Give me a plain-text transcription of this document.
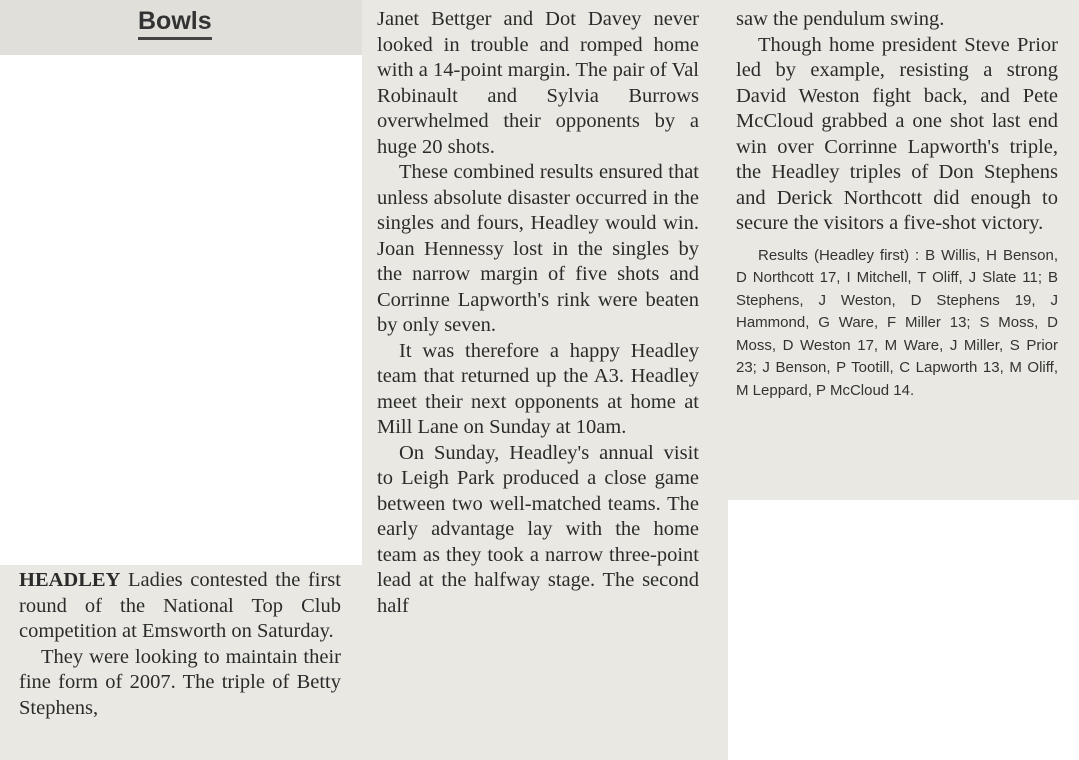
Bowls

HEADLEY Ladies contested the first round of the National Top Club competition at Emsworth on Saturday.

They were looking to maintain their fine form of 2007. The triple of Betty Stephens,

Janet Bettger and Dot Davey never looked in trouble and romped home with a 14-point margin. The pair of Val Robinault and Sylvia Burrows overwhelmed their opponents by a huge 20 shots.

These combined results ensured that unless absolute disaster occurred in the singles and fours, Headley would win. Joan Hennessy lost in the singles by the narrow margin of five shots and Corrinne Lapworth's rink were beaten by only seven.

It was therefore a happy Headley team that returned up the A3. Headley meet their next opponents at home at Mill Lane on Sunday at 10am.

On Sunday, Headley's annual visit to Leigh Park produced a close game between two well-matched teams. The early advantage lay with the home team as they took a narrow three-point lead at the halfway stage. The second half

saw the pendulum swing.

Though home president Steve Prior led by example, resisting a strong David Weston fight back, and Pete McCloud grabbed a one shot last end win over Corrinne Lapworth's triple, the Headley triples of Don Stephens and Derick Northcott did enough to secure the visitors a five-shot victory.

Results (Headley first) : B Willis, H Benson, D Northcott 17, I Mitchell, T Oliff, J Slate 11; B Stephens, J Weston, D Stephens 19, J Hammond, G Ware, F Miller 13; S Moss, D Moss, D Weston 17, M Ware, J Miller, S Prior 23; J Benson, P Tootill, C Lapworth 13, M Oliff, M Leppard, P McCloud 14.
